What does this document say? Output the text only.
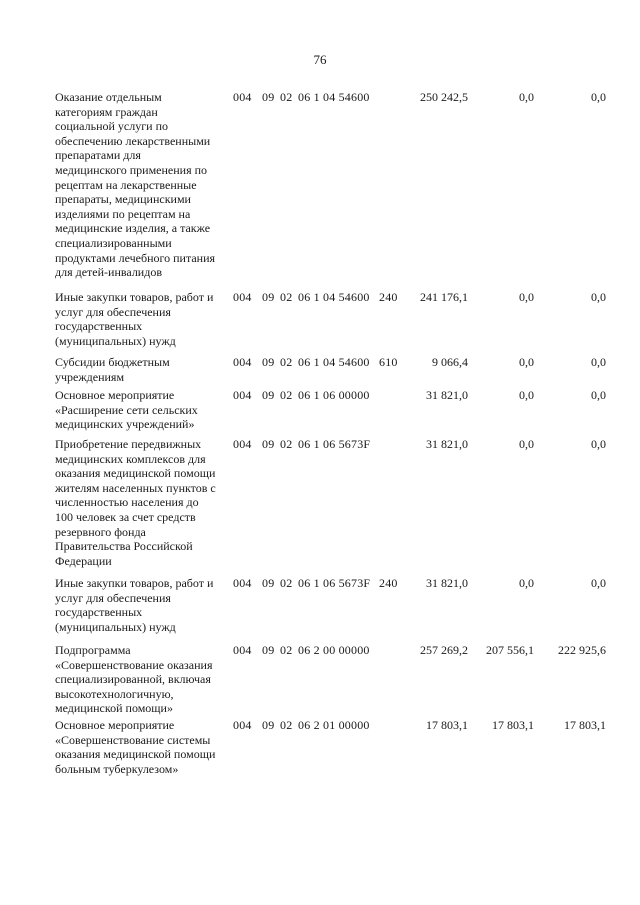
76
Оказание отдельным
категориям граждан
социальной услуги по
обеспечению лекарственными
препаратами для
медицинского применения по
рецептам на лекарственные
препараты, медицинскими
изделиями по рецептам на
медицинские изделия, а также
специализированными
продуктами лечебного питания
для детей-инвалидов
004 09 02 06 1 04 54600	250 242,5	0,0	0,0
Иные закупки товаров, работ и
услуг для обеспечения
государственных
(муниципальных) нужд
004 09 02 06 1 04 54600 240	241 176,1	0,0	0,0
Субсидии бюджетным
учреждениям
004 09 02 06 1 04 54600 610	9 066,4	0,0	0,0
Основное мероприятие
«Расширение сети сельских
медицинских учреждений»
004 09 02 06 1 06 00000	31 821,0	0,0	0,0
Приобретение передвижных
медицинских комплексов для
оказания медицинской помощи
жителям населенных пунктов с
численностью населения до
100 человек за счет средств
резервного фонда
Правительства Российской
Федерации
004 09 02 06 1 06 5673F	31 821,0	0,0	0,0
Иные закупки товаров, работ и
услуг для обеспечения
государственных
(муниципальных) нужд
004 09 02 06 1 06 5673F 240	31 821,0	0,0	0,0
Подпрограмма
«Совершенствование оказания
специализированной, включая
высокотехнологичную,
медицинской помощи»
004 09 02 06 2 00 00000	257 269,2	207 556,1	222 925,6
Основное мероприятие
«Совершенствование системы
оказания медицинской помощи
больным туберкулезом»
004 09 02 06 2 01 00000	17 803,1	17 803,1	17 803,1
